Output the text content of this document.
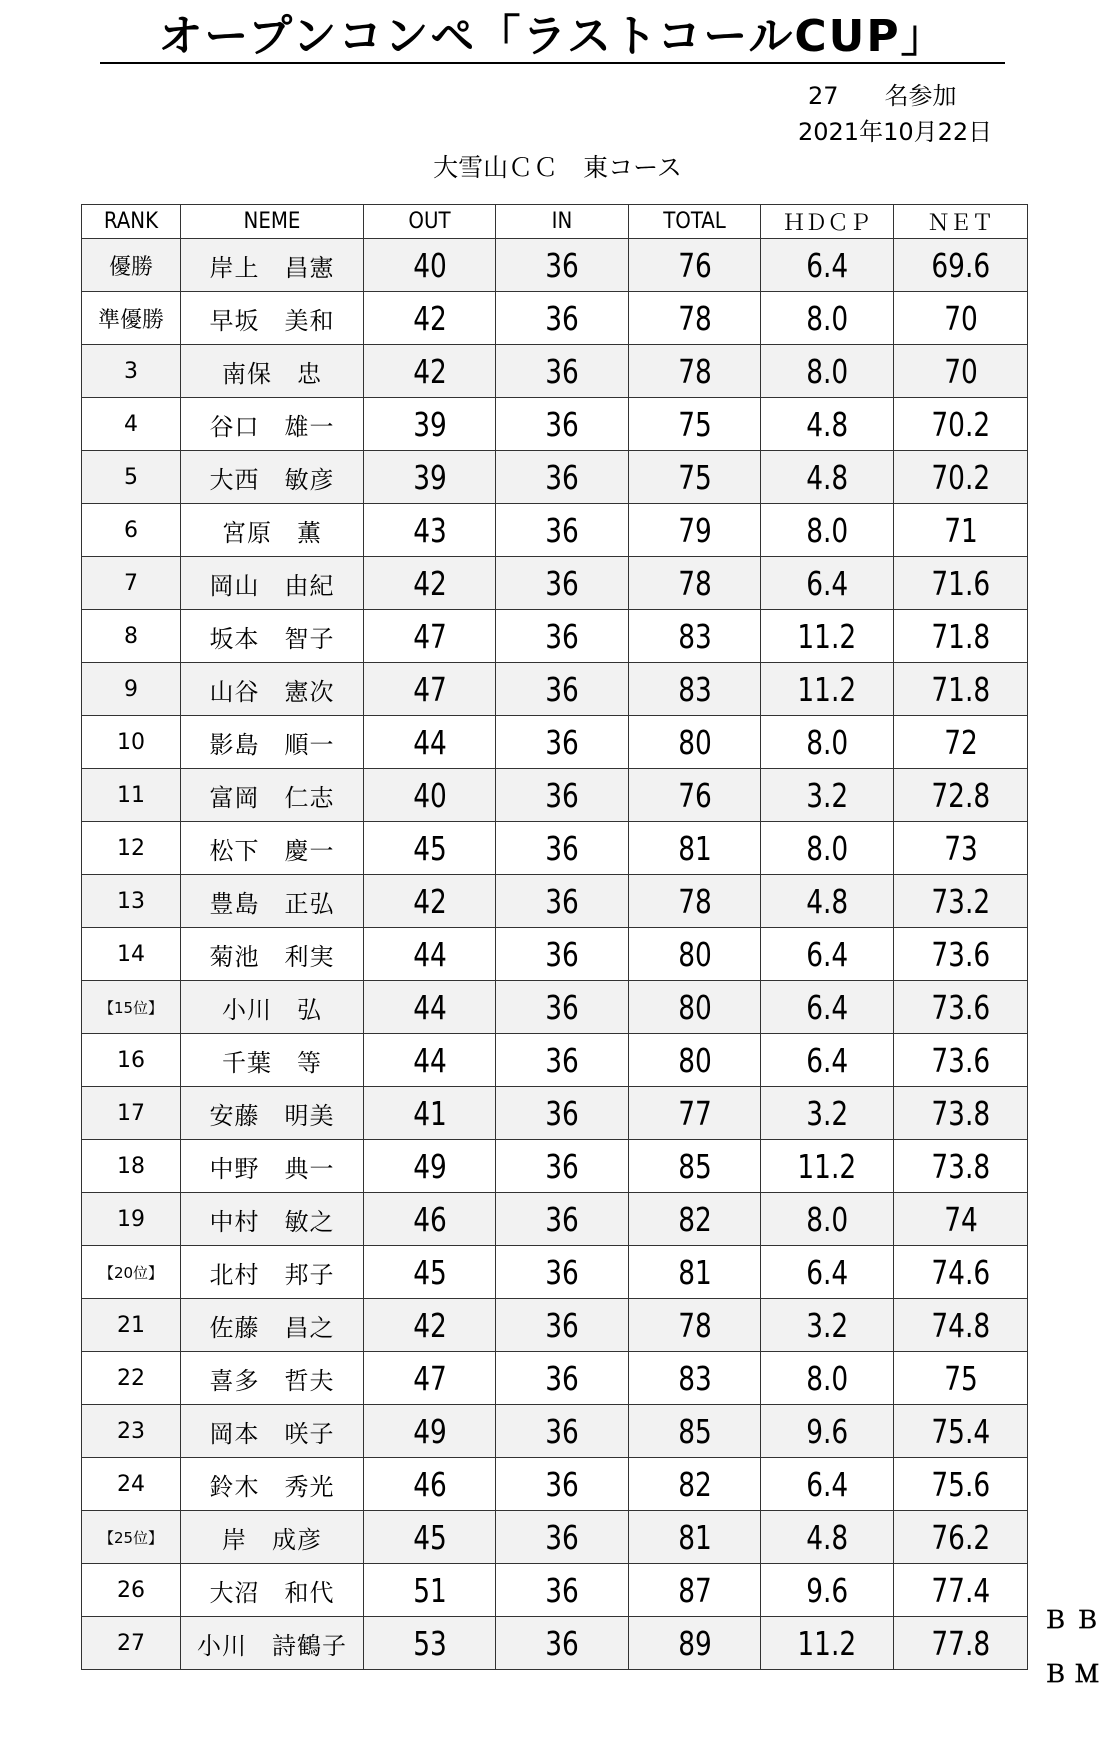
オープンコンペ「ラストコールCUP」
27 名参加
2021年10月22日
大雪山ＣＣ　東コース
RANK	NEME	OUT	IN	TOTAL	ＨＤＣＰ	ＮＥＴ
優勝	岸上　昌憲	40	36	76	6.4	69.6
準優勝	早坂　美和	42	36	78	8.0	70
3	南保　忠	42	36	78	8.0	70
4	谷口　雄一	39	36	75	4.8	70.2
5	大西　敏彦	39	36	75	4.8	70.2
6	宮原　薫	43	36	79	8.0	71
7	岡山　由紀	42	36	78	6.4	71.6
8	坂本　智子	47	36	83	11.2	71.8
9	山谷　憲次	47	36	83	11.2	71.8
10	影島　順一	44	36	80	8.0	72
11	富岡　仁志	40	36	76	3.2	72.8
12	松下　慶一	45	36	81	8.0	73
13	豊島　正弘	42	36	78	4.8	73.2
14	菊池　利実	44	36	80	6.4	73.6
【15位】	小川　弘	44	36	80	6.4	73.6
16	千葉　等	44	36	80	6.4	73.6
17	安藤　明美	41	36	77	3.2	73.8
18	中野　典一	49	36	85	11.2	73.8
19	中村　敏之	46	36	82	8.0	74
【20位】	北村　邦子	45	36	81	6.4	74.6
21	佐藤　昌之	42	36	78	3.2	74.8
22	喜多　哲夫	47	36	83	8.0	75
23	岡本　咲子	49	36	85	9.6	75.4
24	鈴木　秀光	46	36	82	6.4	75.6
【25位】	岸　成彦	45	36	81	4.8	76.2
26	大沼　和代	51	36	87	9.6	77.4
27	小川　詩鶴子	53	36	89	11.2	77.8
ＢＢ
ＢＭ
